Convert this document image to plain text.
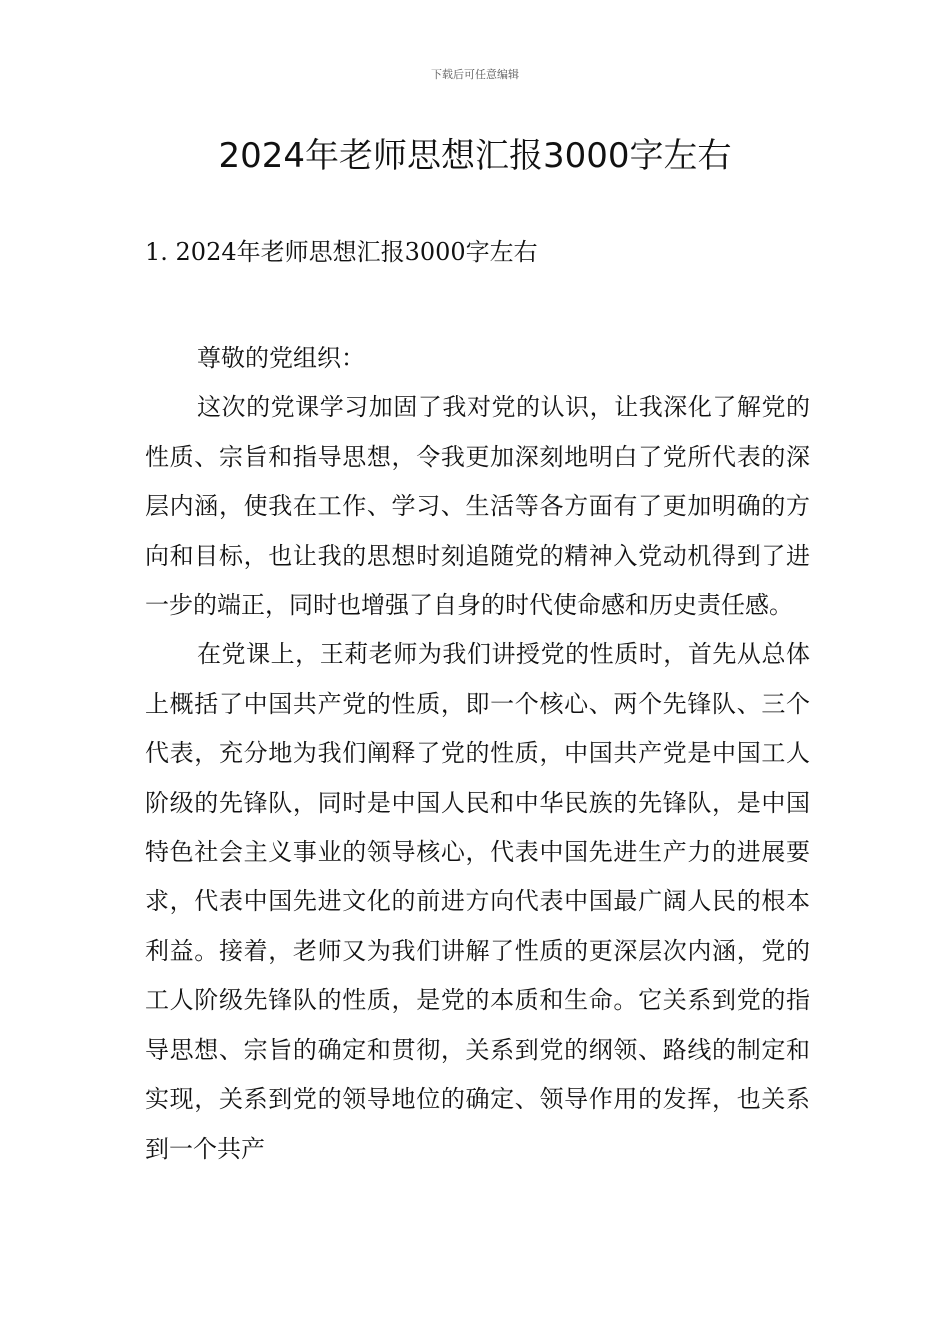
下载后可任意编辑
2024年老师思想汇报3000字左右
1. 2024年老师思想汇报3000字左右

尊敬的党组织：

这次的党课学习加固了我对党的认识，让我深化了解党的性质、宗旨和指导思想，令我更加深刻地明白了党所代表的深层内涵，使我在工作、学习、生活等各方面有了更加明确的方向和目标，也让我的思想时刻追随党的精神入党动机得到了进一步的端正，同时也增强了自身的时代使命感和历史责任感。

在党课上，王莉老师为我们讲授党的性质时，首先从总体上概括了中国共产党的性质，即一个核心、两个先锋队、三个代表，充分地为我们阐释了党的性质，中国共产党是中国工人阶级的先锋队，同时是中国人民和中华民族的先锋队，是中国特色社会主义事业的领导核心，代表中国先进生产力的进展要求，代表中国先进文化的前进方向代表中国最广阔人民的根本利益。接着，老师又为我们讲解了性质的更深层次内涵，党的工人阶级先锋队的性质，是党的本质和生命。它关系到党的指导思想、宗旨的确定和贯彻，关系到党的纲领、路线的制定和实现，关系到党的领导地位的确定、领导作用的发挥，也关系到一个共产
